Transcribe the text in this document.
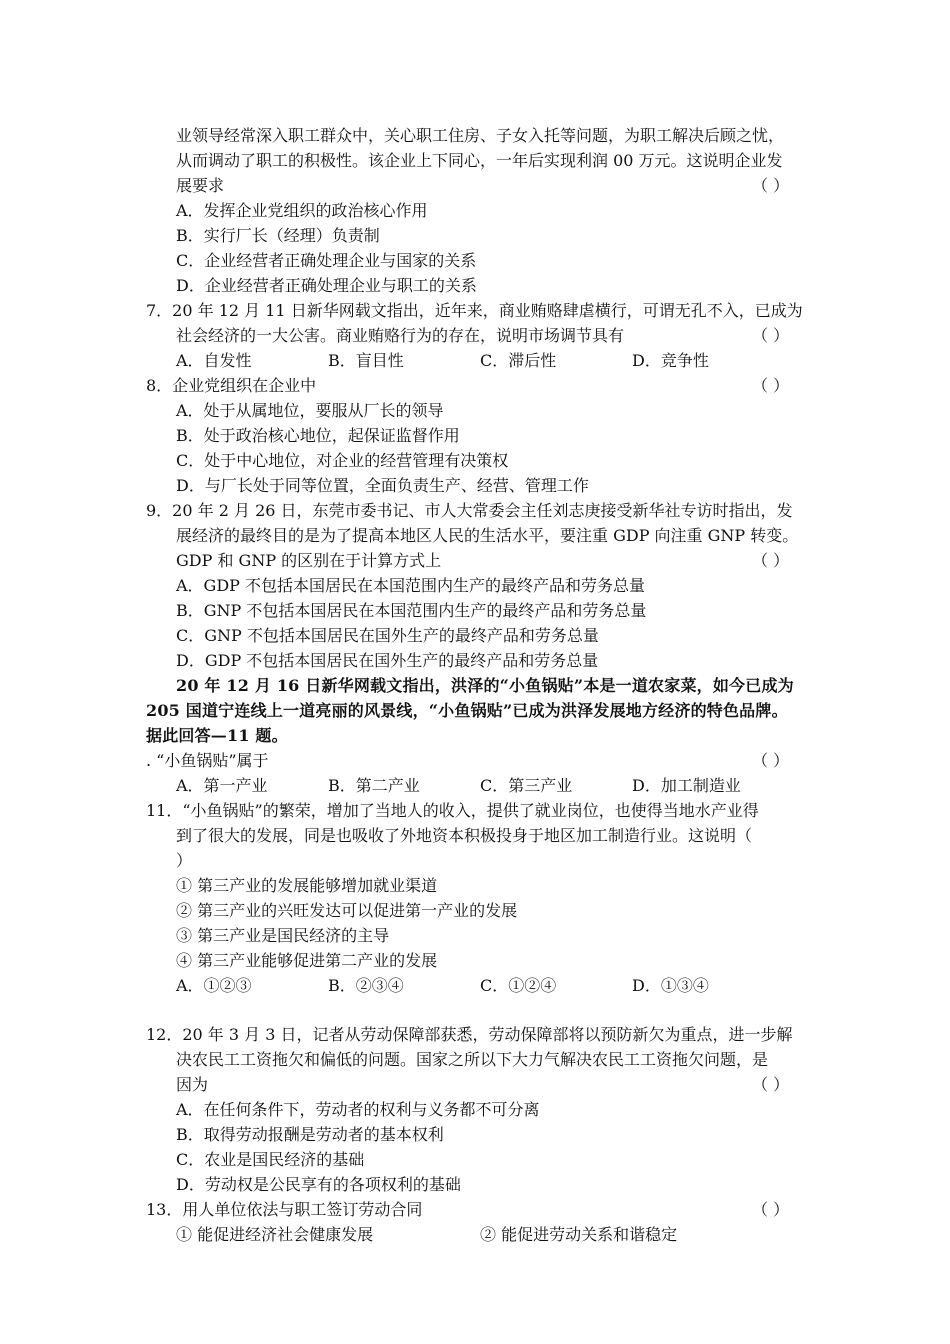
业领导经常深入职工群众中，关心职工住房、子女入托等问题，为职工解决后顾之忧，
从而调动了职工的积极性。该企业上下同心，一年后实现利润 00 万元。这说明企业发
展要求	（ ）
A．发挥企业党组织的政治核心作用
B．实行厂长（经理）负责制
C．企业经营者正确处理企业与国家的关系
D．企业经营者正确处理企业与职工的关系
7．20 年 12 月 11 日新华网载文指出，近年来，商业贿赂肆虐横行，可谓无孔不入，已成为
社会经济的一大公害。商业贿赂行为的存在，说明市场调节具有	（ ）
A．自发性	B．盲目性	C．滞后性	D．竞争性
8．企业党组织在企业中	（ ）
A．处于从属地位，要服从厂长的领导
B．处于政治核心地位，起保证监督作用
C．处于中心地位，对企业的经营管理有决策权
D．与厂长处于同等位置，全面负责生产、经营、管理工作
9．20 年 2 月 26 日，东莞市委书记、市人大常委会主任刘志庚接受新华社专访时指出，发
展经济的最终目的是为了提高本地区人民的生活水平，要注重 GDP 向注重 GNP 转变。
GDP 和 GNP 的区别在于计算方式上	（ ）
A．GDP 不包括本国居民在本国范围内生产的最终产品和劳务总量
B．GNP 不包括本国居民在本国范围内生产的最终产品和劳务总量
C．GNP 不包括本国居民在国外生产的最终产品和劳务总量
D．GDP 不包括本国居民在国外生产的最终产品和劳务总量
20 年 12 月 16 日新华网载文指出，洪泽的“小鱼锅贴”本是一道农家菜，如今已成为
205 国道宁连线上一道亮丽的风景线，“小鱼锅贴”已成为洪泽发展地方经济的特色品牌。
据此回答—11 题。
. “小鱼锅贴”属于	（ ）
A．第一产业	B．第二产业	C．第三产业	D．加工制造业
11．“小鱼锅贴”的繁荣，增加了当地人的收入，提供了就业岗位，也使得当地水产业得
到了很大的发展，同是也吸收了外地资本积极投身于地区加工制造行业。这说明（
）
① 第三产业的发展能够增加就业渠道
② 第三产业的兴旺发达可以促进第一产业的发展
③ 第三产业是国民经济的主导
④ 第三产业能够促进第二产业的发展
A．①②③	B．②③④	C．①②④	D．①③④
12．20 年 3 月 3 日，记者从劳动保障部获悉，劳动保障部将以预防新欠为重点，进一步解
决农民工工资拖欠和偏低的问题。国家之所以下大力气解决农民工工资拖欠问题，是
因为	（ ）
A．在任何条件下，劳动者的权利与义务都不可分离
B．取得劳动报酬是劳动者的基本权利
C．农业是国民经济的基础
D．劳动权是公民享有的各项权利的基础
13．用人单位依法与职工签订劳动合同	（ ）
① 能促进经济社会健康发展	② 能促进劳动关系和谐稳定
